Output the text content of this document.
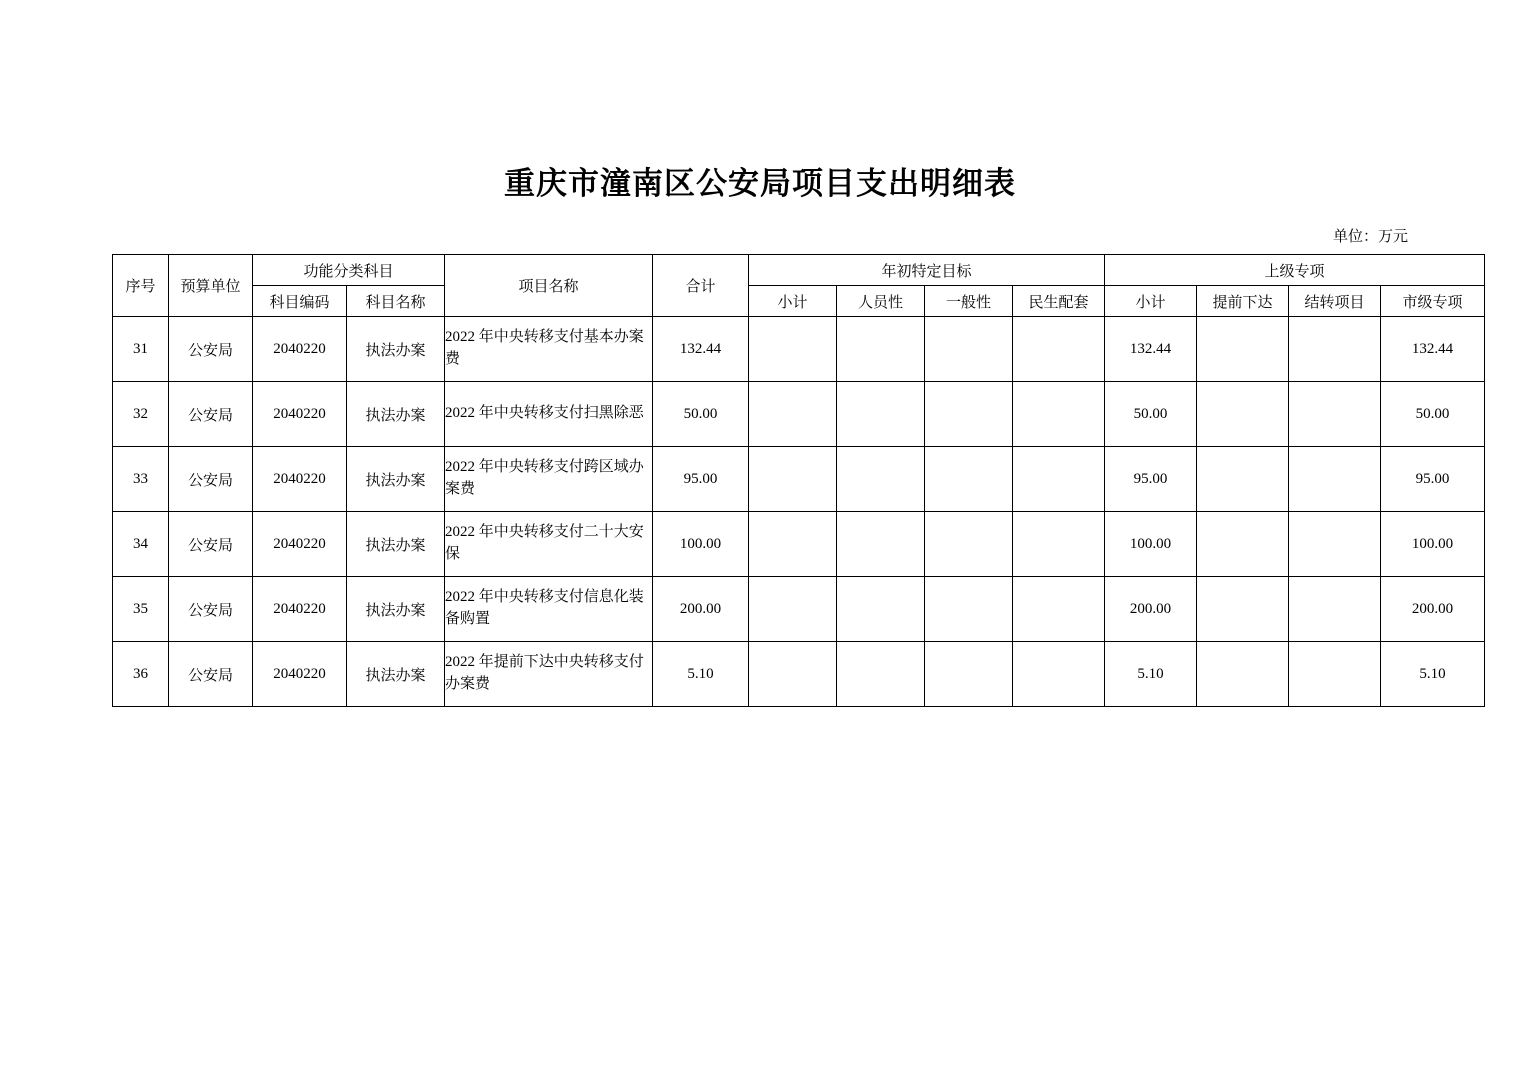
重庆市潼南区公安局项目支出明细表
单位：万元
序号	预算单位	功能分类科目		项目名称	合计	年初特定目标				上级专项			
		科目编码	科目名称			小计	人员性	一般性	民生配套	小计	提前下达	结转项目	市级专项
31	公安局	2040220	执法办案	2022 年中央转移支付基本办案费	132.44					132.44			132.44
32	公安局	2040220	执法办案	2022 年中央转移支付扫黑除恶	50.00					50.00			50.00
33	公安局	2040220	执法办案	2022 年中央转移支付跨区域办案费	95.00					95.00			95.00
34	公安局	2040220	执法办案	2022 年中央转移支付二十大安保	100.00					100.00			100.00
35	公安局	2040220	执法办案	2022 年中央转移支付信息化装备购置	200.00					200.00			200.00
36	公安局	2040220	执法办案	2022 年提前下达中央转移支付办案费	5.10					5.10			5.10
